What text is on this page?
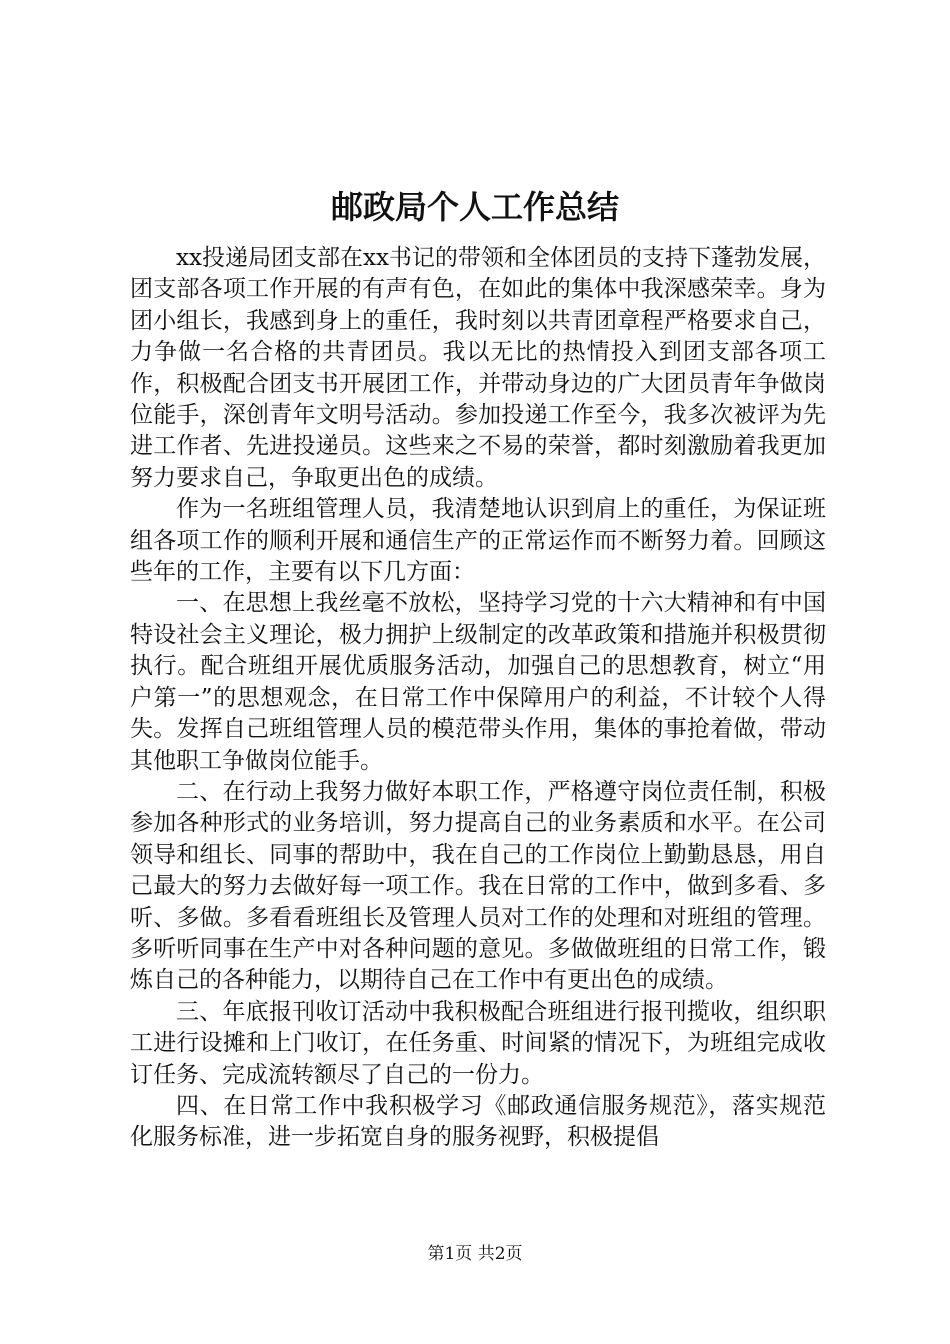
邮政局个人工作总结

xx投递局团支部在xx书记的带领和全体团员的支持下蓬勃发展，团支部各项工作开展的有声有色，在如此的集体中我深感荣幸。身为团小组长，我感到身上的重任，我时刻以共青团章程严格要求自己，力争做一名合格的共青团员。我以无比的热情投入到团支部各项工作，积极配合团支书开展团工作，并带动身边的广大团员青年争做岗位能手，深创青年文明号活动。参加投递工作至今，我多次被评为先进工作者、先进投递员。这些来之不易的荣誉，都时刻激励着我更加努力要求自己，争取更出色的成绩。

作为一名班组管理人员，我清楚地认识到肩上的重任，为保证班组各项工作的顺利开展和通信生产的正常运作而不断努力着。回顾这些年的工作，主要有以下几方面：

一、在思想上我丝毫不放松，坚持学习党的十六大精神和有中国特设社会主义理论，极力拥护上级制定的改革政策和措施并积极贯彻执行。配合班组开展优质服务活动，加强自己的思想教育，树立“用户第一”的思想观念，在日常工作中保障用户的利益，不计较个人得失。发挥自己班组管理人员的模范带头作用，集体的事抢着做，带动其他职工争做岗位能手。

二、在行动上我努力做好本职工作，严格遵守岗位责任制，积极参加各种形式的业务培训，努力提高自己的业务素质和水平。在公司领导和组长、同事的帮助中，我在自己的工作岗位上勤勤恳恳，用自己最大的努力去做好每一项工作。我在日常的工作中，做到多看、多听、多做。多看看班组长及管理人员对工作的处理和对班组的管理。多听听同事在生产中对各种问题的意见。多做做班组的日常工作，锻炼自己的各种能力，以期待自己在工作中有更出色的成绩。

三、年底报刊收订活动中我积极配合班组进行报刊揽收，组织职工进行设摊和上门收订，在任务重、时间紧的情况下，为班组完成收订任务、完成流转额尽了自己的一份力。

四、在日常工作中我积极学习《邮政通信服务规范》，落实规范化服务标准，进一步拓宽自身的服务视野，积极提倡

第1页 共2页
